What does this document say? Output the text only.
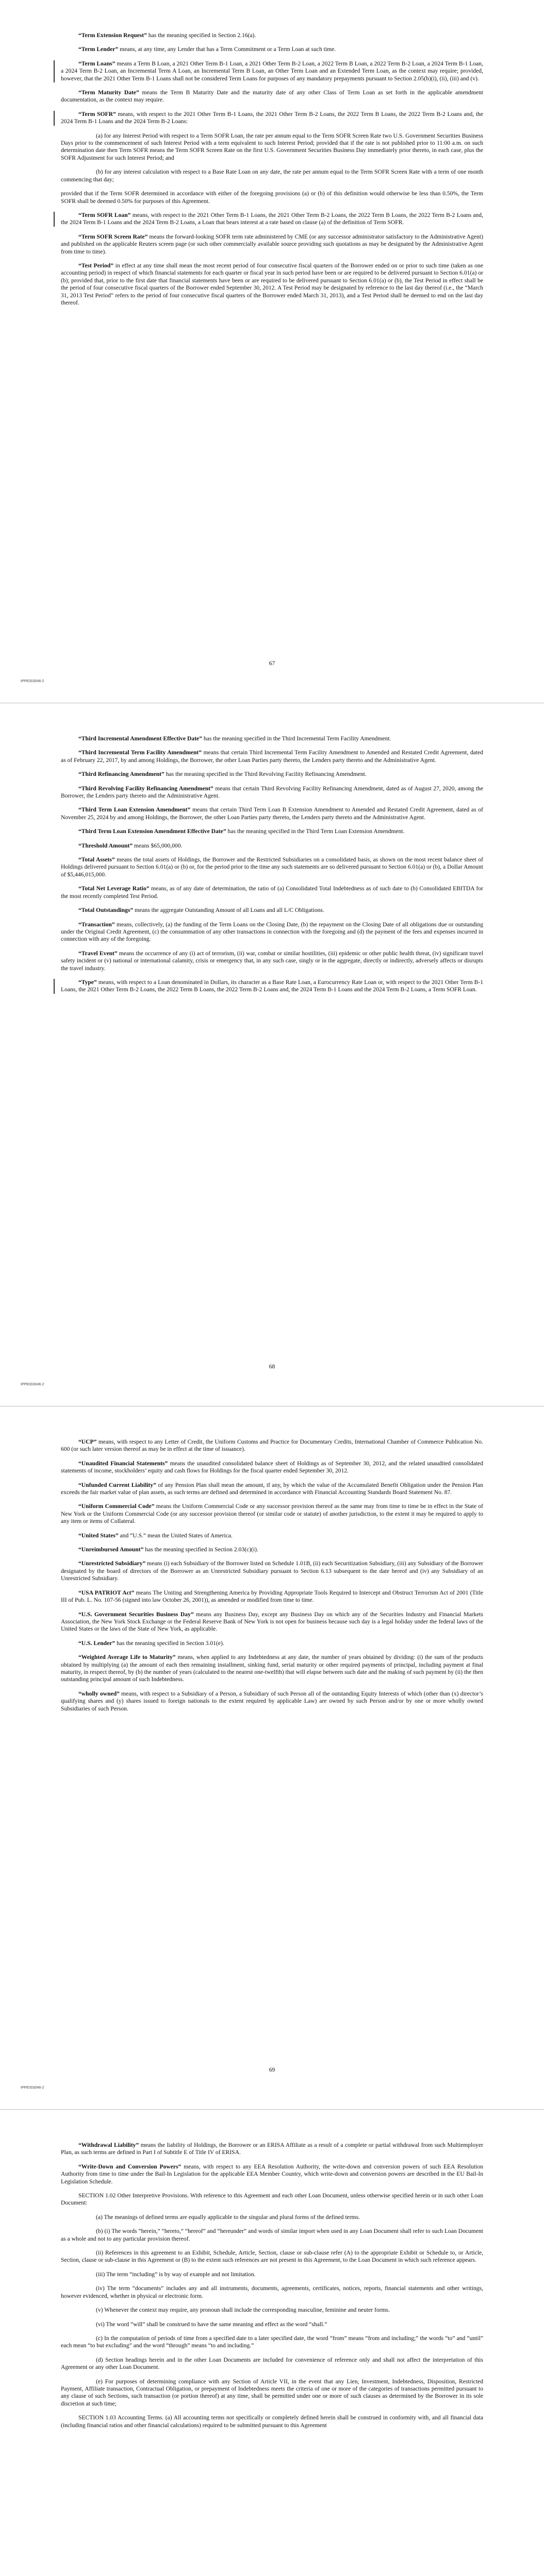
“Term Extension Request” has the meaning specified in Section 2.16(a).

“Term Lender” means, at any time, any Lender that has a Term Commitment or a Term Loan at such time.

“Term Loans” means a Term B Loan, a 2021 Other Term B-1 Loan, a 2021 Other Term B-2 Loan, a 2022 Term B Loan, a 2022 Term B-2 Loan, a 2024 Term B-1 Loan, a 2024 Term B-2 Loan, an Incremental Term A Loan, an Incremental Term B Loan, an Other Term Loan and an Extended Term Loan, as the context may require; provided, however, that the 2021 Other Term B-1 Loans shall not be considered Term Loans for purposes of any mandatory prepayments pursuant to Section 2.05(b)(i), (ii), (iii) and (v).

“Term Maturity Date” means the Term B Maturity Date and the maturity date of any other Class of Term Loan as set forth in the applicable amendment documentation, as the context may require.

“Term SOFR” means, with respect to the 2021 Other Term B-1 Loans, the 2021 Other Term B-2 Loans, the 2022 Term B Loans, the 2022 Term B-2 Loans and, the 2024 Term B-1 Loans and the 2024 Term B-2 Loans:

(a) for any Interest Period with respect to a Term SOFR Loan, the rate per annum equal to the Term SOFR Screen Rate two U.S. Government Securities Business Days prior to the commencement of such Interest Period with a term equivalent to such Interest Period; provided that if the rate is not published prior to 11:00 a.m. on such determination date then Term SOFR means the Term SOFR Screen Rate on the first U.S. Government Securities Business Day immediately prior thereto, in each case, plus the SOFR Adjustment for such Interest Period; and

(b) for any interest calculation with respect to a Base Rate Loan on any date, the rate per annum equal to the Term SOFR Screen Rate with a term of one month commencing that day;

provided that if the Term SOFR determined in accordance with either of the foregoing provisions (a) or (b) of this definition would otherwise be less than 0.50%, the Term SOFR shall be deemed 0.50% for purposes of this Agreement.

“Term SOFR Loan” means, with respect to the 2021 Other Term B-1 Loans, the 2021 Other Term B-2 Loans, the 2022 Term B Loans, the 2022 Term B-2 Loans and, the 2024 Term B-1 Loans and the 2024 Term B-2 Loans, a Loan that bears interest at a rate based on clause (a) of the definition of Term SOFR.

“Term SOFR Screen Rate” means the forward-looking SOFR term rate administered by CME (or any successor administrator satisfactory to the Administrative Agent) and published on the applicable Reuters screen page (or such other commercially available source providing such quotations as may be designated by the Administrative Agent from time to time).

“Test Period” in effect at any time shall mean the most recent period of four consecutive fiscal quarters of the Borrower ended on or prior to such time (taken as one accounting period) in respect of which financial statements for each quarter or fiscal year in such period have been or are required to be delivered pursuant to Section 6.01(a) or (b); provided that, prior to the first date that financial statements have been or are required to be delivered pursuant to Section 6.01(a) or (b), the Test Period in effect shall be the period of four consecutive fiscal quarters of the Borrower ended September 30, 2012. A Test Period may be designated by reference to the last day thereof (i.e., the “March 31, 2013 Test Period” refers to the period of four consecutive fiscal quarters of the Borrower ended March 31, 2013), and a Test Period shall be deemed to end on the last day thereof.

67
IPPE003046-2

“Third Incremental Amendment Effective Date” has the meaning specified in the Third Incremental Term Facility Amendment.

“Third Incremental Term Facility Amendment” means that certain Third Incremental Term Facility Amendment to Amended and Restated Credit Agreement, dated as of February 22, 2017, by and among Holdings, the Borrower, the other Loan Parties party thereto, the Lenders party thereto and the Administrative Agent.

“Third Refinancing Amendment” has the meaning specified in the Third Revolving Facility Refinancing Amendment.

“Third Revolving Facility Refinancing Amendment” means that certain Third Revolving Facility Refinancing Amendment, dated as of August 27, 2020, among the Borrower, the Lenders party thereto and the Administrative Agent.

“Third Term Loan Extension Amendment” means that certain Third Term Loan B Extension Amendment to Amended and Restated Credit Agreement, dated as of November 25, 2024 by and among Holdings, the Borrower, the other Loan Parties party thereto, the Lenders party thereto and the Administrative Agent.

“Third Term Loan Extension Amendment Effective Date” has the meaning specified in the Third Term Loan Extension Amendment.

“Threshold Amount” means $65,000,000.

“Total Assets” means the total assets of Holdings, the Borrower and the Restricted Subsidiaries on a consolidated basis, as shown on the most recent balance sheet of Holdings delivered pursuant to Section 6.01(a) or (b) or, for the period prior to the time any such statements are so delivered pursuant to Section 6.01(a) or (b), a Dollar Amount of $5,446,015,000.

“Total Net Leverage Ratio” means, as of any date of determination, the ratio of (a) Consolidated Total Indebtedness as of such date to (b) Consolidated EBITDA for the most recently completed Test Period.

“Total Outstandings” means the aggregate Outstanding Amount of all Loans and all L/C Obligations.

“Transaction” means, collectively, (a) the funding of the Term Loans on the Closing Date, (b) the repayment on the Closing Date of all obligations due or outstanding under the Original Credit Agreement, (c) the consummation of any other transactions in connection with the foregoing and (d) the payment of the fees and expenses incurred in connection with any of the foregoing.

“Travel Event” means the occurrence of any (i) act of terrorism, (ii) war, combat or similar hostilities, (iii) epidemic or other public health threat, (iv) significant travel safety incident or (v) national or international calamity, crisis or emergency that, in any such case, singly or in the aggregate, directly or indirectly, adversely affects or disrupts the travel industry.

“Type” means, with respect to a Loan denominated in Dollars, its character as a Base Rate Loan, a Eurocurrency Rate Loan or, with respect to the 2021 Other Term B-1 Loans, the 2021 Other Term B-2 Loans, the 2022 Term B Loans, the 2022 Term B-2 Loans and, the 2024 Term B-1 Loans and the 2024 Term B-2 Loans, a Term SOFR Loan.

68
IPPE003046-2

“UCP” means, with respect to any Letter of Credit, the Uniform Customs and Practice for Documentary Credits, International Chamber of Commerce Publication No. 600 (or such later version thereof as may be in effect at the time of issuance).

“Unaudited Financial Statements” means the unaudited consolidated balance sheet of Holdings as of September 30, 2012, and the related unaudited consolidated statements of income, stockholders’ equity and cash flows for Holdings for the fiscal quarter ended September 30, 2012.

“Unfunded Current Liability” of any Pension Plan shall mean the amount, if any, by which the value of the Accumulated Benefit Obligation under the Pension Plan exceeds the fair market value of plan assets, as such terms are defined and determined in accordance with Financial Accounting Standards Board Statement No. 87.

“Uniform Commercial Code” means the Uniform Commercial Code or any successor provision thereof as the same may from time to time be in effect in the State of New York or the Uniform Commercial Code (or any successor provision thereof (or similar code or statute) of another jurisdiction, to the extent it may be required to apply to any item or items of Collateral.

“United States” and “U.S.” mean the United States of America.

“Unreimbursed Amount” has the meaning specified in Section 2.03(c)(i).

“Unrestricted Subsidiary” means (i) each Subsidiary of the Borrower listed on Schedule 1.01B, (ii) each Securitization Subsidiary, (iii) any Subsidiary of the Borrower designated by the board of directors of the Borrower as an Unrestricted Subsidiary pursuant to Section 6.13 subsequent to the date hereof and (iv) any Subsidiary of an Unrestricted Subsidiary.

“USA PATRIOT Act” means The Uniting and Strengthening America by Providing Appropriate Tools Required to Intercept and Obstruct Terrorism Act of 2001 (Title III of Pub. L. No. 107-56 (signed into law October 26, 2001)), as amended or modified from time to time.

“U.S. Government Securities Business Day” means any Business Day, except any Business Day on which any of the Securities Industry and Financial Markets Association, the New York Stock Exchange or the Federal Reserve Bank of New York is not open for business because such day is a legal holiday under the federal laws of the United States or the laws of the State of New York, as applicable.

“U.S. Lender” has the meaning specified in Section 3.01(e).

“Weighted Average Life to Maturity” means, when applied to any Indebtedness at any date, the number of years obtained by dividing: (i) the sum of the products obtained by multiplying (a) the amount of each then remaining installment, sinking fund, serial maturity or other required payments of principal, including payment at final maturity, in respect thereof, by (b) the number of years (calculated to the nearest one-twelfth) that will elapse between such date and the making of such payment by (ii) the then outstanding principal amount of such Indebtedness.

“wholly owned” means, with respect to a Subsidiary of a Person, a Subsidiary of such Person all of the outstanding Equity Interests of which (other than (x) director’s qualifying shares and (y) shares issued to foreign nationals to the extent required by applicable Law) are owned by such Person and/or by one or more wholly owned Subsidiaries of such Person.

69
IPPE003046-2

“Withdrawal Liability” means the liability of Holdings, the Borrower or an ERISA Affiliate as a result of a complete or partial withdrawal from such Multiemployer Plan, as such terms are defined in Part I of Subtitle E of Title IV of ERISA.

“Write-Down and Conversion Powers” means, with respect to any EEA Resolution Authority, the write-down and conversion powers of such EEA Resolution Authority from time to time under the Bail-In Legislation for the applicable EEA Member Country, which write-down and conversion powers are described in the EU Bail-In Legislation Schedule.

SECTION 1.02 Other Interpretive Provisions. With reference to this Agreement and each other Loan Document, unless otherwise specified herein or in such other Loan Document:

(a) The meanings of defined terms are equally applicable to the singular and plural forms of the defined terms.

(b) (i) The words “herein,” “hereto,” “hereof” and “hereunder” and words of similar import when used in any Loan Document shall refer to such Loan Document as a whole and not to any particular provision thereof.

(ii) References in this agreement to an Exhibit, Schedule, Article, Section, clause or sub-clause refer (A) to the appropriate Exhibit or Schedule to, or Article, Section, clause or sub-clause in this Agreement or (B) to the extent such references are not present in this Agreement, to the Loan Document in which such reference appears.

(iii) The term “including” is by way of example and not limitation.

(iv) The term “documents” includes any and all instruments, documents, agreements, certificates, notices, reports, financial statements and other writings, however evidenced, whether in physical or electronic form.

(v) Whenever the context may require, any pronoun shall include the corresponding masculine, feminine and neuter forms.

(vi) The word “will” shall be construed to have the same meaning and effect as the word “shall.”

(c) In the computation of periods of time from a specified date to a later specified date, the word “from” means “from and including;” the words “to” and “until” each mean “to but excluding” and the word “through” means “to and including.”

(d) Section headings herein and in the other Loan Documents are included for convenience of reference only and shall not affect the interpretation of this Agreement or any other Loan Document.

(e) For purposes of determining compliance with any Section of Article VII, in the event that any Lien, Investment, Indebtedness, Disposition, Restricted Payment, Affiliate transaction, Contractual Obligation, or prepayment of Indebtedness meets the criteria of one or more of the categories of transactions permitted pursuant to any clause of such Sections, such transaction (or portion thereof) at any time, shall be permitted under one or more of such clauses as determined by the Borrower in its sole discretion at such time;

SECTION 1.03 Accounting Terms. (a) All accounting terms not specifically or completely defined herein shall be construed in conformity with, and all financial data (including financial ratios and other financial calculations) required to be submitted pursuant to this Agreement
